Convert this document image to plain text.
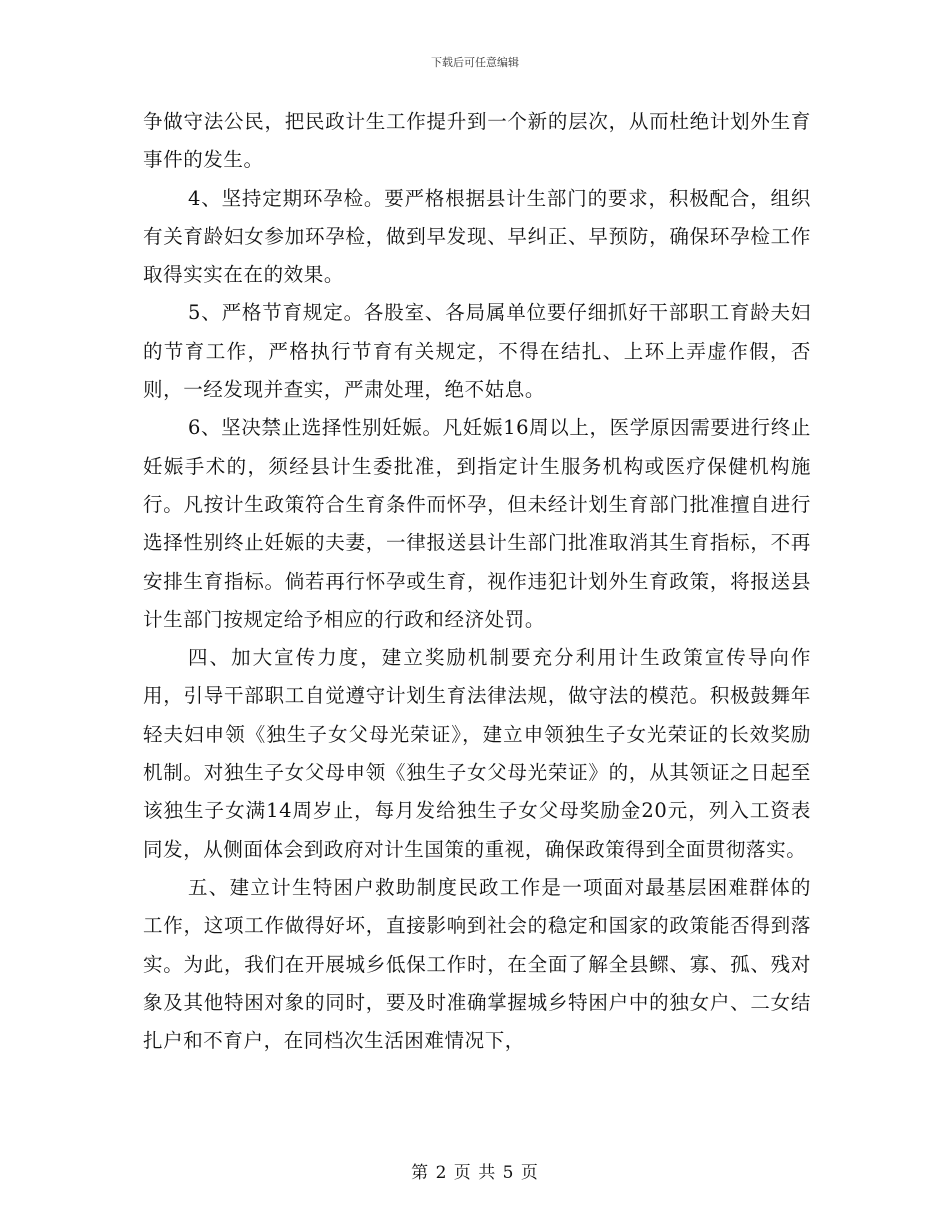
下载后可任意编辑

争做守法公民，把民政计生工作提升到一个新的层次，从而杜绝计划外生育事件的发生。

4、坚持定期环孕检。要严格根据县计生部门的要求，积极配合，组织有关育龄妇女参加环孕检，做到早发现、早纠正、早预防，确保环孕检工作取得实实在在的效果。

5、严格节育规定。各股室、各局属单位要仔细抓好干部职工育龄夫妇的节育工作，严格执行节育有关规定，不得在结扎、上环上弄虚作假，否则，一经发现并查实，严肃处理，绝不姑息。

6、坚决禁止选择性别妊娠。凡妊娠16周以上，医学原因需要进行终止妊娠手术的，须经县计生委批准，到指定计生服务机构或医疗保健机构施行。凡按计生政策符合生育条件而怀孕，但未经计划生育部门批准擅自进行选择性别终止妊娠的夫妻，一律报送县计生部门批准取消其生育指标，不再安排生育指标。倘若再行怀孕或生育，视作违犯计划外生育政策，将报送县计生部门按规定给予相应的行政和经济处罚。

四、加大宣传力度，建立奖励机制要充分利用计生政策宣传导向作用，引导干部职工自觉遵守计划生育法律法规，做守法的模范。积极鼓舞年轻夫妇申领《独生子女父母光荣证》，建立申领独生子女光荣证的长效奖励机制。对独生子女父母申领《独生子女父母光荣证》的，从其领证之日起至该独生子女满14周岁止，每月发给独生子女父母奖励金20元，列入工资表同发，从侧面体会到政府对计生国策的重视，确保政策得到全面贯彻落实。

五、建立计生特困户救助制度民政工作是一项面对最基层困难群体的工作，这项工作做得好坏，直接影响到社会的稳定和国家的政策能否得到落实。为此，我们在开展城乡低保工作时，在全面了解全县鳏、寡、孤、残对象及其他特困对象的同时，要及时准确掌握城乡特困户中的独女户、二女结扎户和不育户，在同档次生活困难情况下，

第 2 页 共 5 页
